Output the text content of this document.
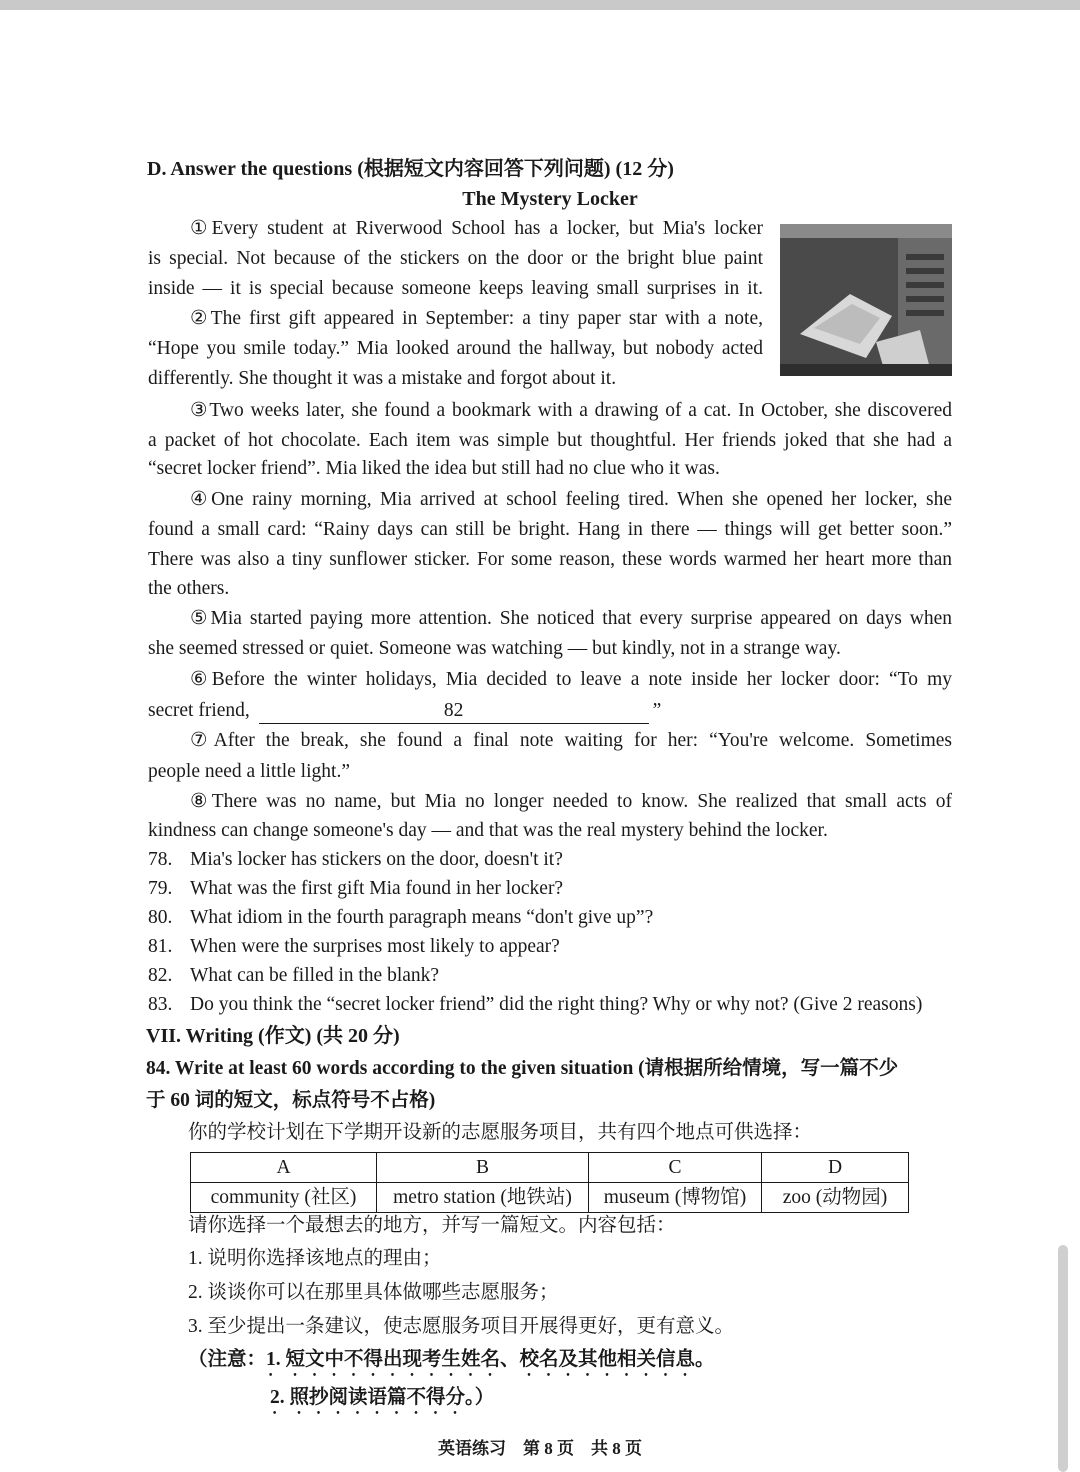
D. Answer the questions (根据短文内容回答下列问题) (12 分)
The Mystery Locker
①Every student at Riverwood School has a locker, but Mia's locker
is special. Not because of the stickers on the door or the bright blue paint
inside — it is special because someone keeps leaving small surprises in it.
②The first gift appeared in September: a tiny paper star with a note,
“Hope you smile today.” Mia looked around the hallway, but nobody acted
differently. She thought it was a mistake and forgot about it.
③Two weeks later, she found a bookmark with a drawing of a cat. In October, she discovered
a packet of hot chocolate. Each item was simple but thoughtful. Her friends joked that she had a
“secret locker friend”. Mia liked the idea but still had no clue who it was.
④One rainy morning, Mia arrived at school feeling tired. When she opened her locker, she
found a small card: “Rainy days can still be bright. Hang in there — things will get better soon.”
There was also a tiny sunflower sticker. For some reason, these words warmed her heart more than
the others.
⑤Mia started paying more attention. She noticed that every surprise appeared on days when
she seemed stressed or quiet. Someone was watching — but kindly, not in a strange way.
⑥Before the winter holidays, Mia decided to leave a note inside her locker door: “To my
secret friend,	82	”
⑦After the break, she found a final note waiting for her: “You're welcome. Sometimes
people need a little light.”
⑧There was no name, but Mia no longer needed to know. She realized that small acts of
kindness can change someone's day — and that was the real mystery behind the locker.
78. Mia's locker has stickers on the door, doesn't it?
79. What was the first gift Mia found in her locker?
80. What idiom in the fourth paragraph means “don't give up”?
81. When were the surprises most likely to appear?
82. What can be filled in the blank?
83. Do you think the “secret locker friend” did the right thing? Why or why not? (Give 2 reasons)
VII. Writing (作文) (共 20 分)
84. Write at least 60 words according to the given situation (请根据所给情境，写一篇不少
于 60 词的短文，标点符号不占格)
你的学校计划在下学期开设新的志愿服务项目，共有四个地点可供选择：
A	B	C	D
community (社区)	metro station (地铁站)	museum (博物馆)	zoo (动物园)
请你选择一个最想去的地方，并写一篇短文。内容包括：
1. 说明你选择该地点的理由；
2. 谈谈你可以在那里具体做哪些志愿服务；
3. 至少提出一条建议，使志愿服务项目开展得更好，更有意义。
（注意：1. 短文中不得出现考生姓名、校名及其他相关信息。
2. 照抄阅读语篇不得分。）
英语练习　第 8 页　共 8 页
